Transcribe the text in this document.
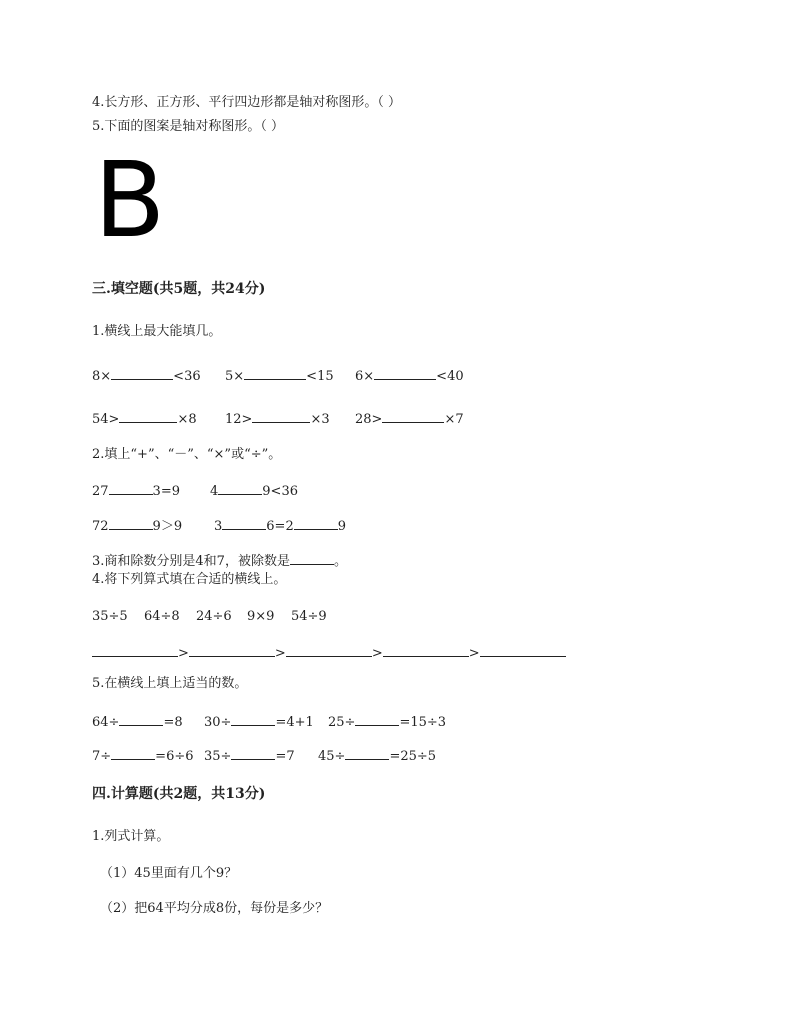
4.长方形、正方形、平行四边形都是轴对称图形。（ ）
5.下面的图案是轴对称图形。（ ）
B
三.填空题(共5题，共24分)
1.横线上最大能填几。
8×	<36 5×	<15 6×	<40
54>	×8 12>	×3 28>	×7
2.填上“+”、“－”、“×”或“÷”。
27	3=9 4	9<36
72	9＞9 3	6=2	9
3.商和除数分别是4和7，被除数是	。
4.将下列算式填在合适的横线上。
35÷5 64÷8 24÷6 9×9 54÷9
>	>	>	>
5.在横线上填上适当的数。
64÷	=8 30÷	=4+1 25÷	=15÷3
7÷	=6÷6 35÷	=7 45÷	=25÷5
四.计算题(共2题，共13分)
1.列式计算。
（1）45里面有几个9？
（2）把64平均分成8份，每份是多少？
